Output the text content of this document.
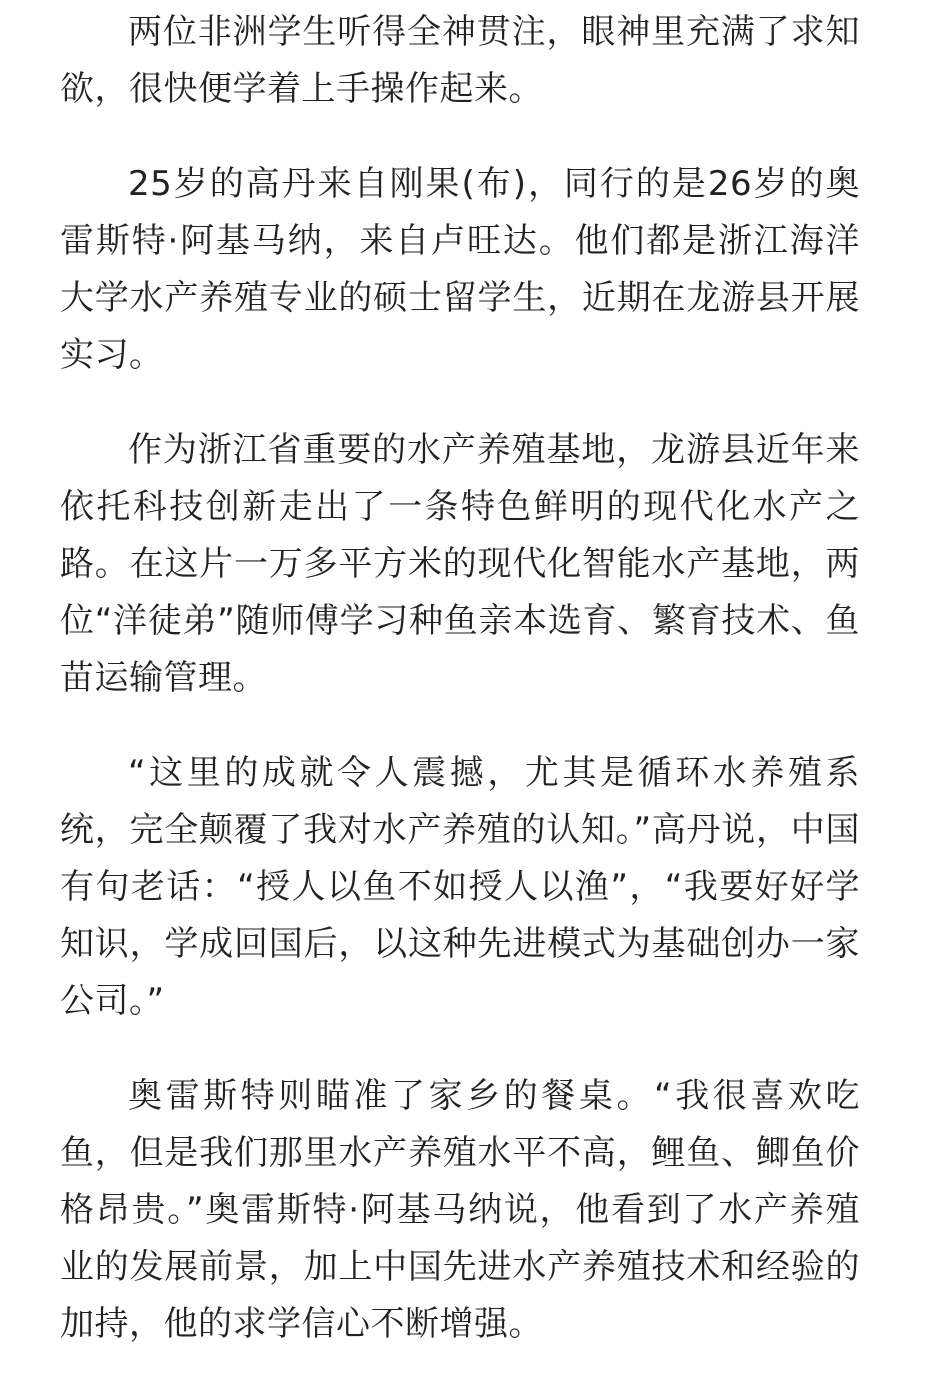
两位非洲学生听得全神贯注，眼神里充满了求知欲，很快便学着上手操作起来。

25岁的高丹来自刚果(布)，同行的是26岁的奥雷斯特·阿基马纳，来自卢旺达。他们都是浙江海洋大学水产养殖专业的硕士留学生，近期在龙游县开展实习。

作为浙江省重要的水产养殖基地，龙游县近年来依托科技创新走出了一条特色鲜明的现代化水产之路。在这片一万多平方米的现代化智能水产基地，两位“洋徒弟”随师傅学习种鱼亲本选育、繁育技术、鱼苗运输管理。

“这里的成就令人震撼，尤其是循环水养殖系统，完全颠覆了我对水产养殖的认知。”高丹说，中国有句老话：“授人以鱼不如授人以渔”，“我要好好学知识，学成回国后，以这种先进模式为基础创办一家公司。”

奥雷斯特则瞄准了家乡的餐桌。“我很喜欢吃鱼，但是我们那里水产养殖水平不高，鲤鱼、鲫鱼价格昂贵。”奥雷斯特·阿基马纳说，他看到了水产养殖业的发展前景，加上中国先进水产养殖技术和经验的加持，他的求学信心不断增强。
